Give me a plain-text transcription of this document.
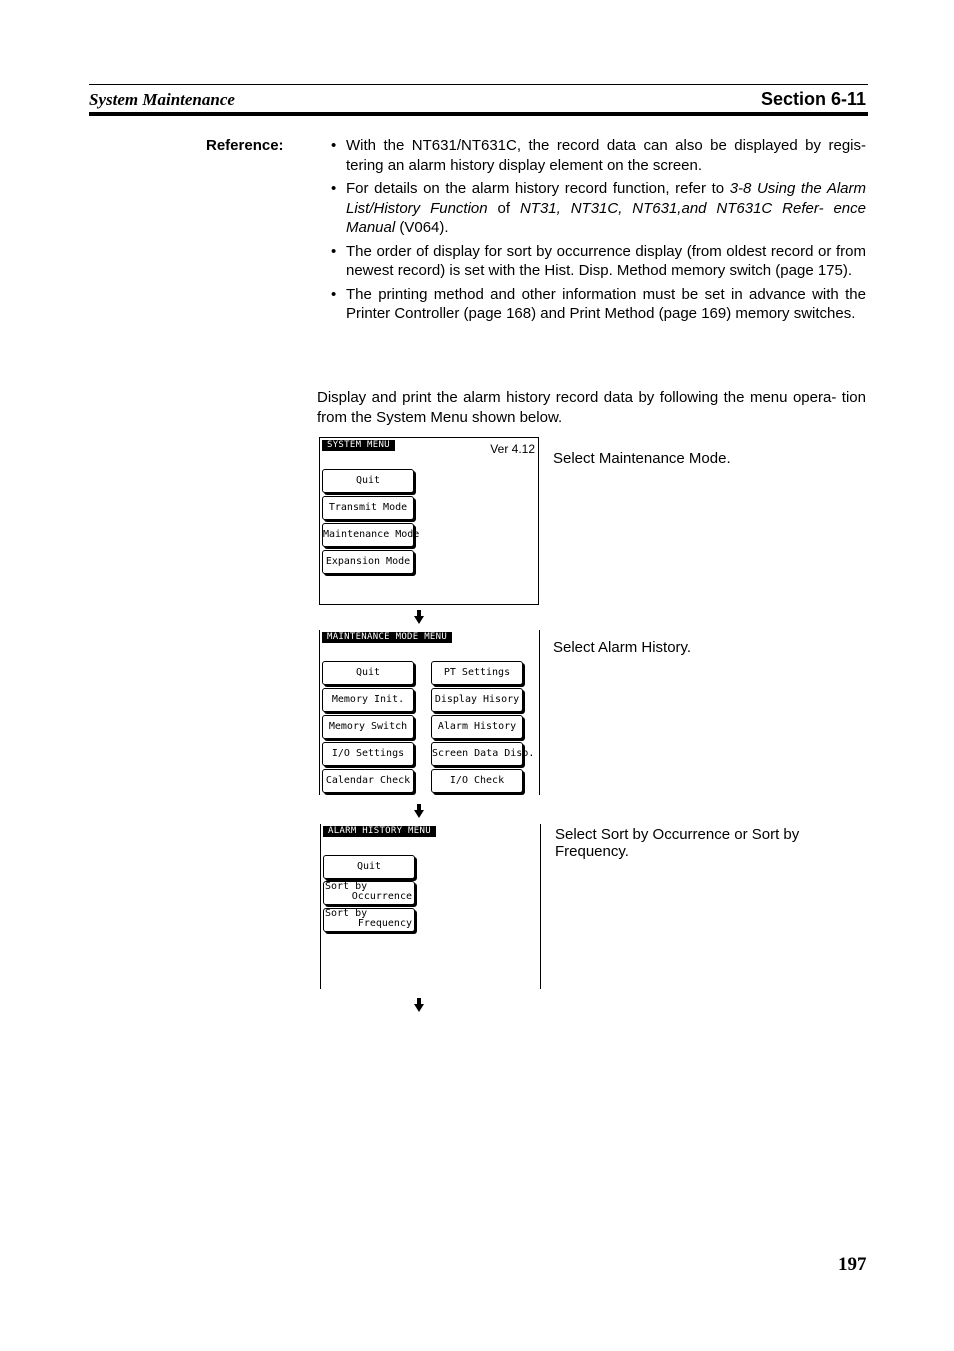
System Maintenance	Section 6-11
Reference:	• With the NT631/NT631C, the record data can also be displayed by regis- tering an alarm history display element on the screen.
• For details on the alarm history record function, refer to 3-8 Using the Alarm List/History Function of NT31, NT31C, NT631,and NT631C Refer- ence Manual (V064).
• The order of display for sort by occurrence display (from oldest record or from newest record) is set with the Hist. Disp. Method memory switch (page 175).
• The printing method and other information must be set in advance with the Printer Controller (page 168) and Print Method (page 169) memory switches.
Display and print the alarm history record data by following the menu opera- tion from the System Menu shown below.
SYSTEM MENU	Ver 4.12
Quit
Transmit Mode
Maintenance Mode
Expansion Mode
Select Maintenance Mode.
MAINTENANCE MODE MENU
Quit
Memory Init.
Memory Switch
I/O Settings
Calendar Check
PT Settings
Display Hisory
Alarm History
Screen Data Disp.
I/O Check
Select Alarm History.
ALARM HISTORY MENU
Quit
Sort by
Occurrence
Sort by
Frequency
Select Sort by Occurrence or Sort by Frequency.
197
